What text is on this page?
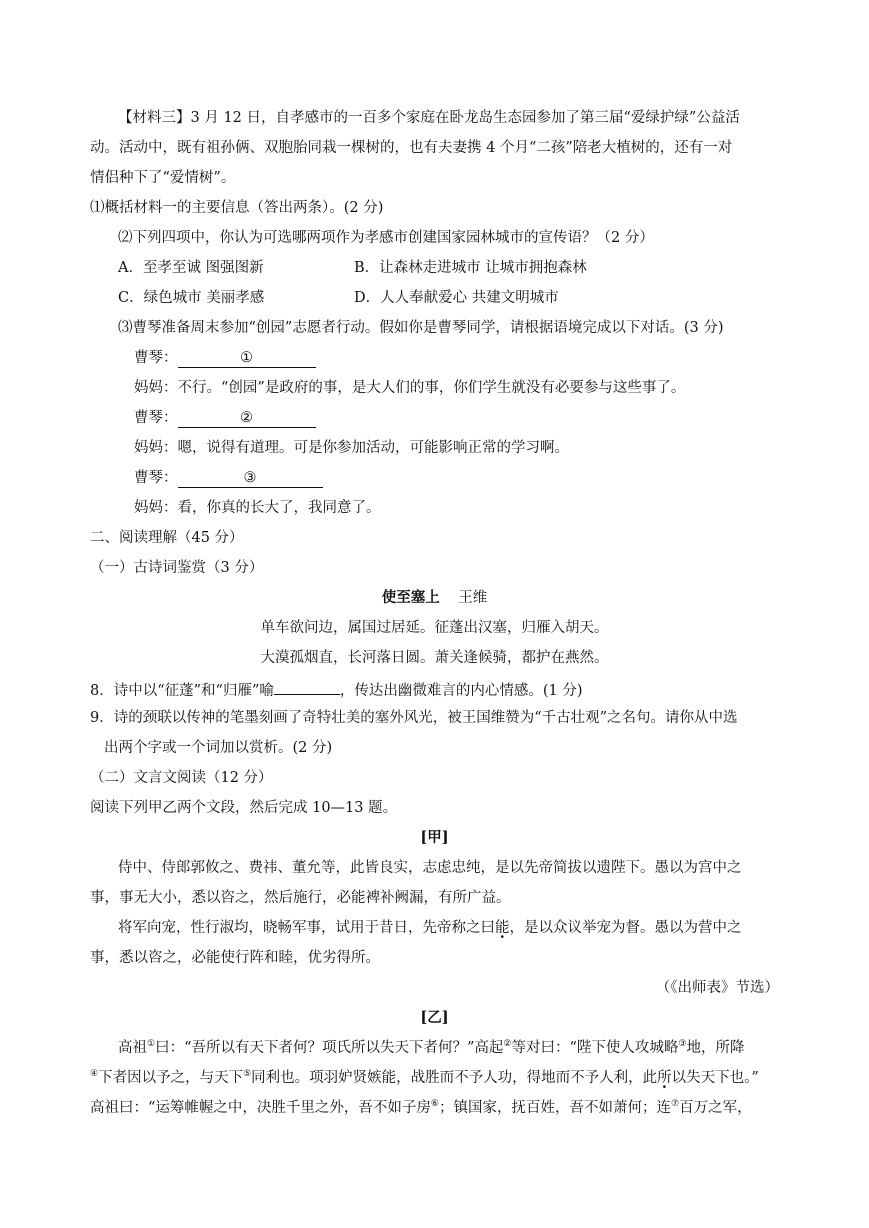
【材料三】3 月 12 日，自孝感市的一百多个家庭在卧龙岛生态园参加了第三届“爱绿护绿”公益活
动。活动中，既有祖孙俩、双胞胎同栽一棵树的，也有夫妻携 4 个月“二孩”陪老大植树的，还有一对
情侣种下了“爱情树”。
⑴概括材料一的主要信息（答出两条）。(2 分)
⑵下列四项中，你认为可选哪两项作为孝感市创建国家园林城市的宣传语？（2 分）
A．至孝至诚 图强图新	B．让森林走进城市 让城市拥抱森林
C．绿色城市 美丽孝感	D．人人奉献爱心 共建文明城市
⑶曹琴准备周末参加“创园”志愿者行动。假如你是曹琴同学，请根据语境完成以下对话。(3 分)
曹琴：	①
妈妈：不行。“创园”是政府的事，是大人们的事，你们学生就没有必要参与这些事了。
曹琴：	②
妈妈：嗯，说得有道理。可是你参加活动，可能影响正常的学习啊。
曹琴：	③
妈妈：看，你真的长大了，我同意了。
二、阅读理解（45 分）
（一）古诗词鉴赏（3 分）
使至塞上 王维
单车欲问边，属国过居延。征蓬出汉塞，归雁入胡天。
大漠孤烟直，长河落日圆。萧关逢候骑，都护在燕然。
8．诗中以“征蓬”和“归雁”喻	，传达出幽微难言的内心情感。(1 分)
9．诗的颈联以传神的笔墨刻画了奇特壮美的塞外风光，被王国维赞为“千古壮观”之名句。请你从中选
出两个字或一个词加以赏析。(2 分)
（二）文言文阅读（12 分）
阅读下列甲乙两个文段，然后完成 10—13 题。
[甲]
侍中、侍郎郭攸之、费祎、董允等，此皆良实，志虑忠纯，是以先帝简拔以遗陛下。愚以为宫中之
事，事无大小，悉以咨之，然后施行，必能裨补阙漏，有所广益。
将军向宠，性行淑均，晓畅军事，试用于昔日，先帝称之曰能，是以众议举宠为督。愚以为营中之
事，悉以咨之，必能使行阵和睦，优劣得所。
（《出师表》节选）
[乙]
高祖①曰：“吾所以有天下者何？项氏所以失天下者何？”高起②等对曰：“陛下使人攻城略③地，所降
④下者因以予之，与天下⑤同利也。项羽妒贤嫉能，战胜而不予人功，得地而不予人利，此所以失天下也。”
高祖曰：“运筹帷幄之中，决胜千里之外，吾不如子房⑥；镇国家，抚百姓，吾不如萧何；连⑦百万之军，
